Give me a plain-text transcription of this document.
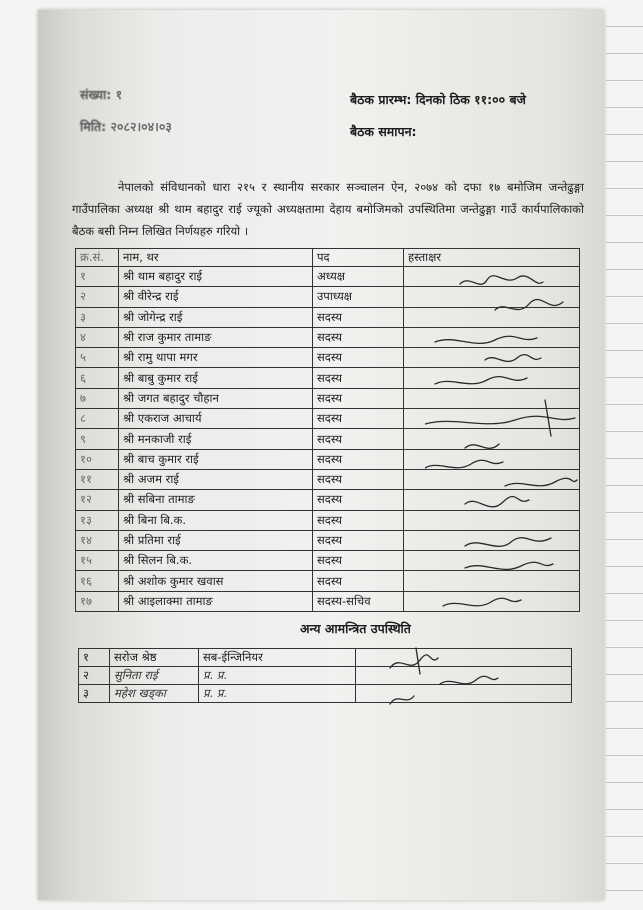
संख्या: १
मिति: २०८२।०४।०३
बैठक प्रारम्भ: दिनको ठिक ११:०० बजे
बैठक समापन:
नेपालको संविधानको धारा २१५ र स्थानीय सरकार सञ्चालन ऐन, २०७४ को दफा १७ बमोजिम जन्तेढुङ्गा गाउँपालिका अध्यक्ष श्री थाम बहादुर राई ज्यूको अध्यक्षतामा देहाय बमोजिमको उपस्थितिमा जन्तेढुङ्गा गाउँ कार्यपालिकाको बैठक बसी निम्न लिखित निर्णयहरु गरियो ।
क्र.सं.	नाम, थर	पद	हस्ताक्षर
१	श्री थाम बहादुर राई	अध्यक्ष	
२	श्री वीरेन्द्र राई	उपाध्यक्ष	
३	श्री जोगेन्द्र राई	सदस्य	
४	श्री राज कुमार तामाङ	सदस्य	
५	श्री रामु थापा मगर	सदस्य	
६	श्री बाबु कुमार राई	सदस्य	
७	श्री जगत बहादुर चौहान	सदस्य	
८	श्री एकराज आचार्य	सदस्य	
९	श्री मनकाजी राई	सदस्य	
१०	श्री बाच कुमार राई	सदस्य	
११	श्री अजम राई	सदस्य	
१२	श्री सबिना तामाङ	सदस्य	
१३	श्री बिना बि.क.	सदस्य	
१४	श्री प्रतिमा राई	सदस्य	
१५	श्री सिलन बि.क.	सदस्य	
१६	श्री अशोक कुमार खवास	सदस्य	
१७	श्री आइलाक्मा तामाङ	सदस्य-सचिव	
अन्य आमन्त्रित उपस्थिति
१	सरोज श्रेष्ठ	सब-ईन्जिनियर	
२	सुनिता राई	प्र. प्र.	
३	महेश खड्का	प्र. प्र.	
